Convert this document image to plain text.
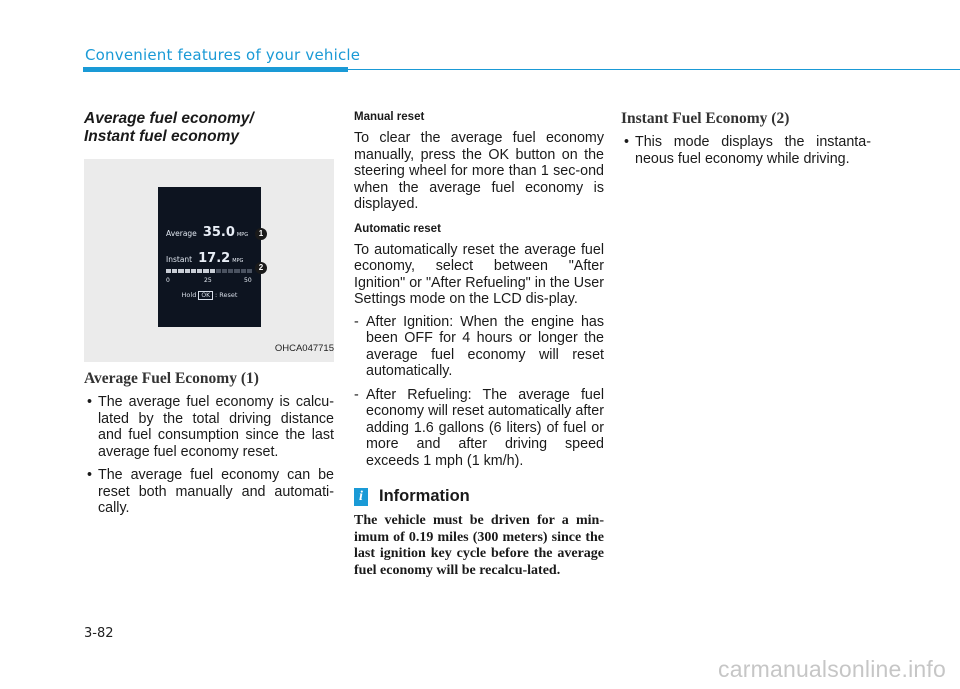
Convenient features of your vehicle
Average fuel economy/
Instant fuel economy
Average 35.0 MPG
Instant 17.2 MPG
0	25	50
Hold OK : Reset
1
2
OHCA047715
Average Fuel Economy (1)
• The average fuel economy is calcu-lated by the total driving distance and fuel consumption since the last average fuel economy reset.
• The average fuel economy can be reset both manually and automati-cally.
Manual reset

To clear the average fuel economy manually, press the OK button on the steering wheel for more than 1 sec-ond when the average fuel economy is displayed.

Automatic reset

To automatically reset the average fuel economy, select between "After Ignition" or "After Refueling" in the User Settings mode on the LCD dis-play.

- After Ignition: When the engine has been OFF for 4 hours or longer the average fuel economy will reset automatically.
- After Refueling: The average fuel economy will reset automatically after adding 1.6 gallons (6 liters) of fuel or more and after driving speed exceeds 1 mph (1 km/h).
i Information

The vehicle must be driven for a min-imum of 0.19 miles (300 meters) since the last ignition key cycle before the average fuel economy will be recalcu-lated.

Instant Fuel Economy (2)
• This mode displays the instanta-neous fuel economy while driving.
3-82
carmanualsonline.info
